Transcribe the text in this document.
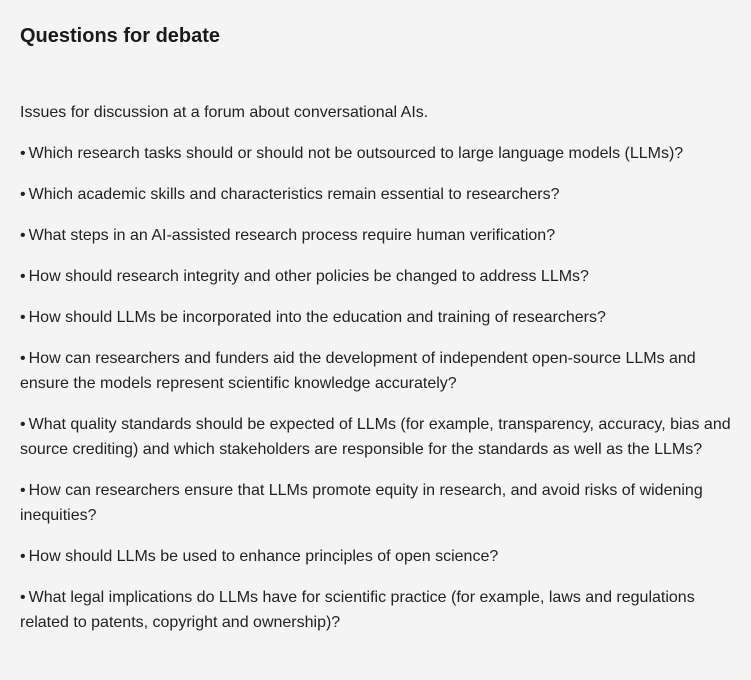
Questions for debate

Issues for discussion at a forum about conversational AIs.

• Which research tasks should or should not be outsourced to large language models (LLMs)?
• Which academic skills and characteristics remain essential to researchers?
• What steps in an AI-assisted research process require human verification?
• How should research integrity and other policies be changed to address LLMs?
• How should LLMs be incorporated into the education and training of researchers?
• How can researchers and funders aid the development of independent open-source LLMs and ensure the models represent scientific knowledge accurately?
• What quality standards should be expected of LLMs (for example, transparency, accuracy, bias and source crediting) and which stakeholders are responsible for the standards as well as the LLMs?
• How can researchers ensure that LLMs promote equity in research, and avoid risks of widening inequities?
• How should LLMs be used to enhance principles of open science?
• What legal implications do LLMs have for scientific practice (for example, laws and regulations related to patents, copyright and ownership)?
